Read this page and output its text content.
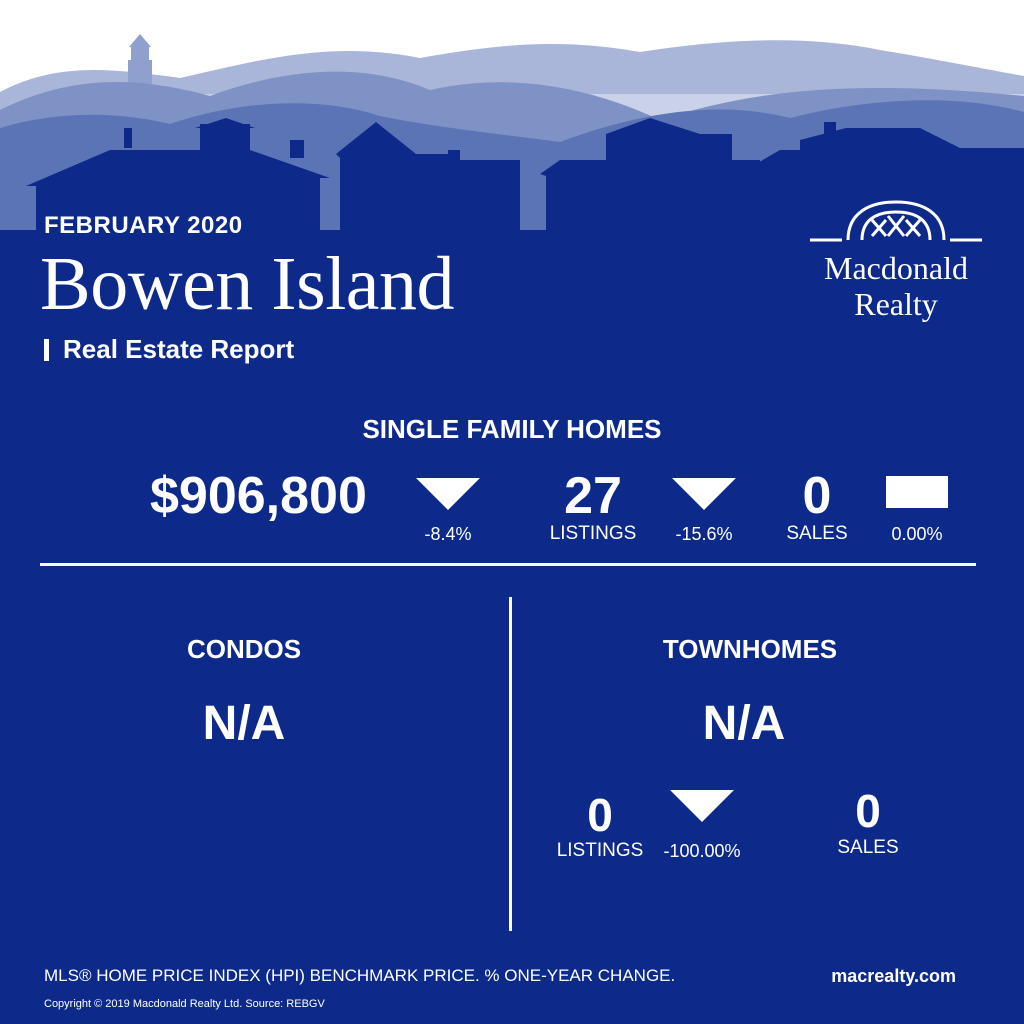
FEBRUARY 2020
Bowen Island
Real Estate Report
Macdonald
Realty
SINGLE FAMILY HOMES
$906,800
-8.4%
27
LISTINGS	-15.6%
0
SALES	0.00%
CONDOS
N/A
TOWNHOMES
N/A
0
LISTINGS	-100.00%
0
SALES
MLS® HOME PRICE INDEX (HPI) BENCHMARK PRICE. % ONE-YEAR CHANGE.	macrealty.com
Copyright © 2019 Macdonald Realty Ltd. Source: REBGV
